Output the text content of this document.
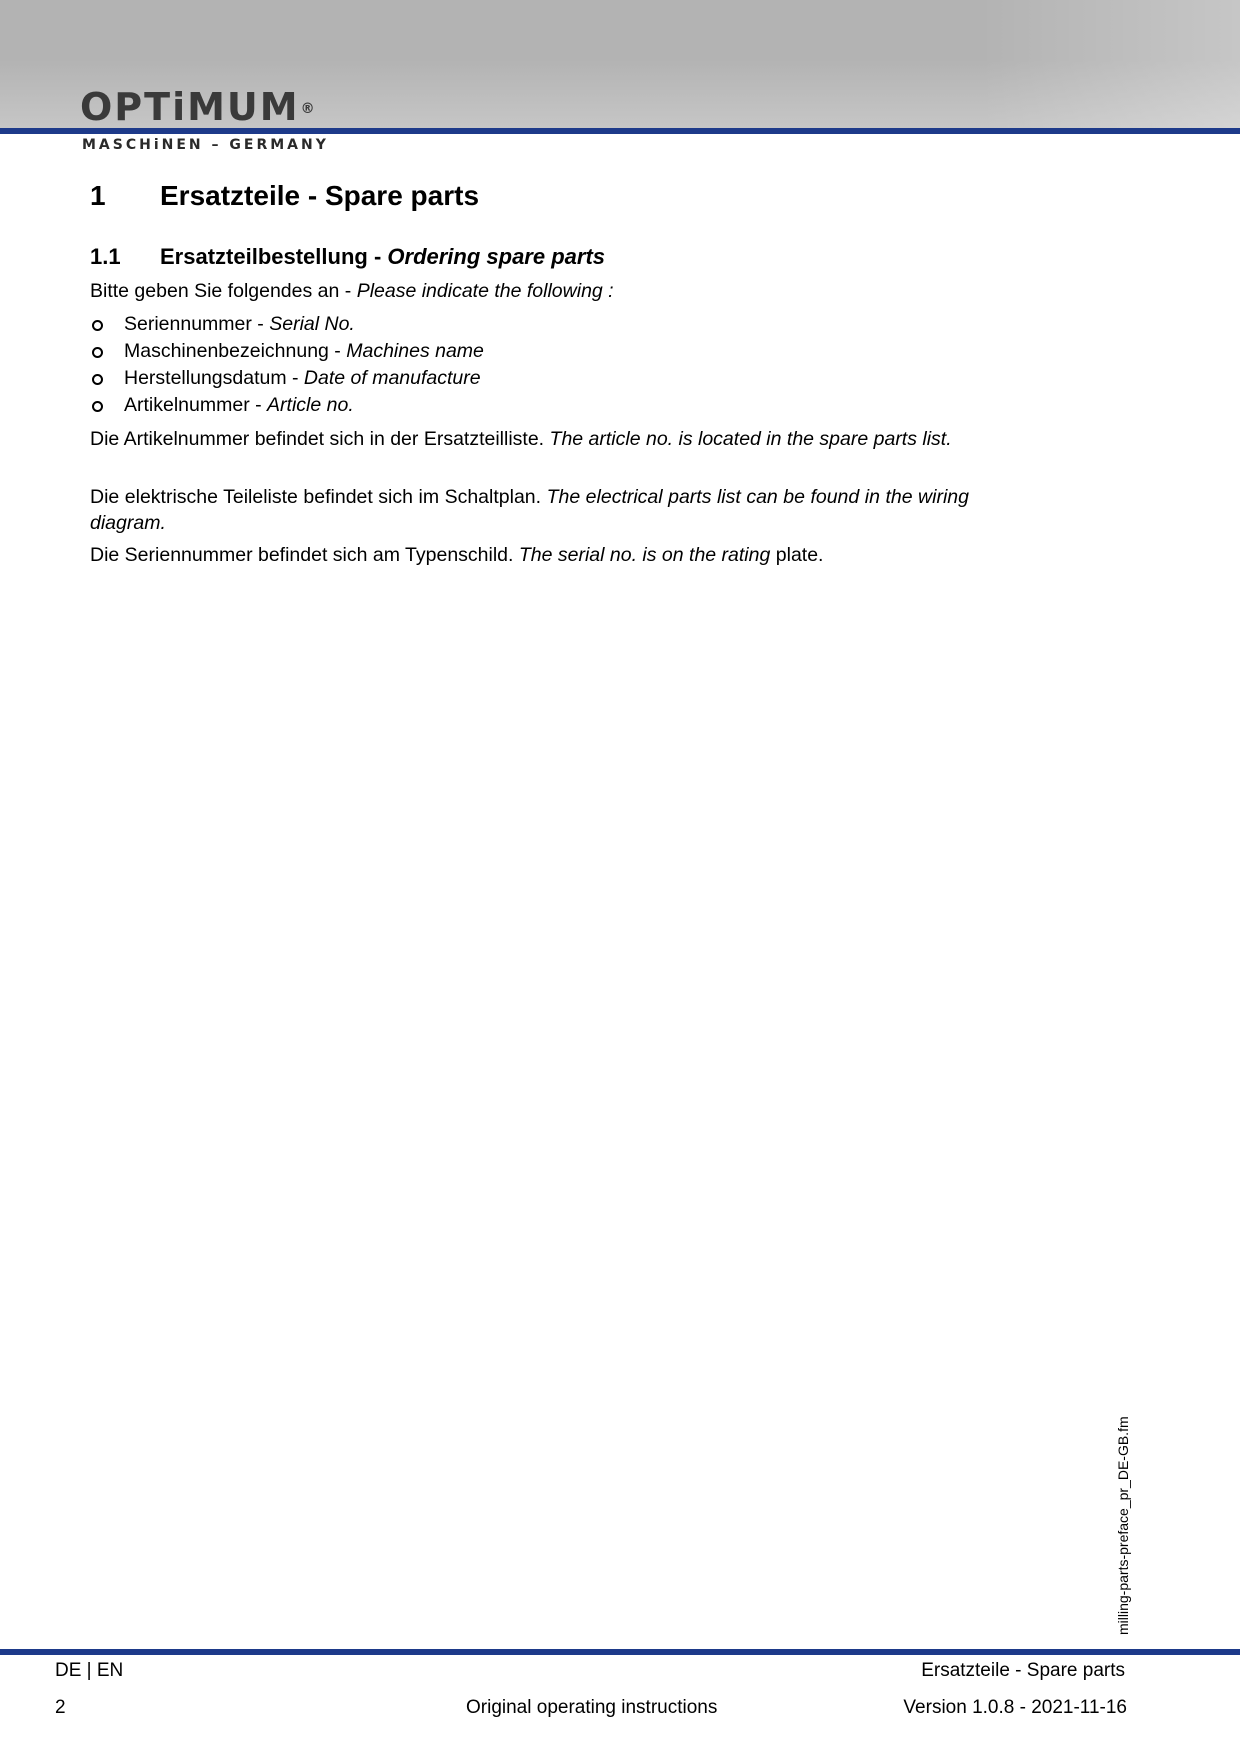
OPTiMUM®
MASCHiNEN – GERMANY
1 Ersatzteile - Spare parts
1.1 Ersatzteilbestellung - Ordering spare parts
Bitte geben Sie folgendes an - Please indicate the following :
Seriennummer - Serial No.
Maschinenbezeichnung - Machines name
Herstellungsdatum - Date of manufacture
Artikelnummer - Article no.
Die Artikelnummer befindet sich in der Ersatzteilliste. The article no. is located in the spare parts list.
Die elektrische Teileliste befindet sich im Schaltplan. The electrical parts list can be found in the wiring diagram.
Die Seriennummer befindet sich am Typenschild. The serial no. is on the rating plate.
milling-parts-preface_pr_DE-GB.fm
DE | EN	Ersatzteile - Spare parts
2	Original operating instructions	Version 1.0.8 - 2021-11-16
